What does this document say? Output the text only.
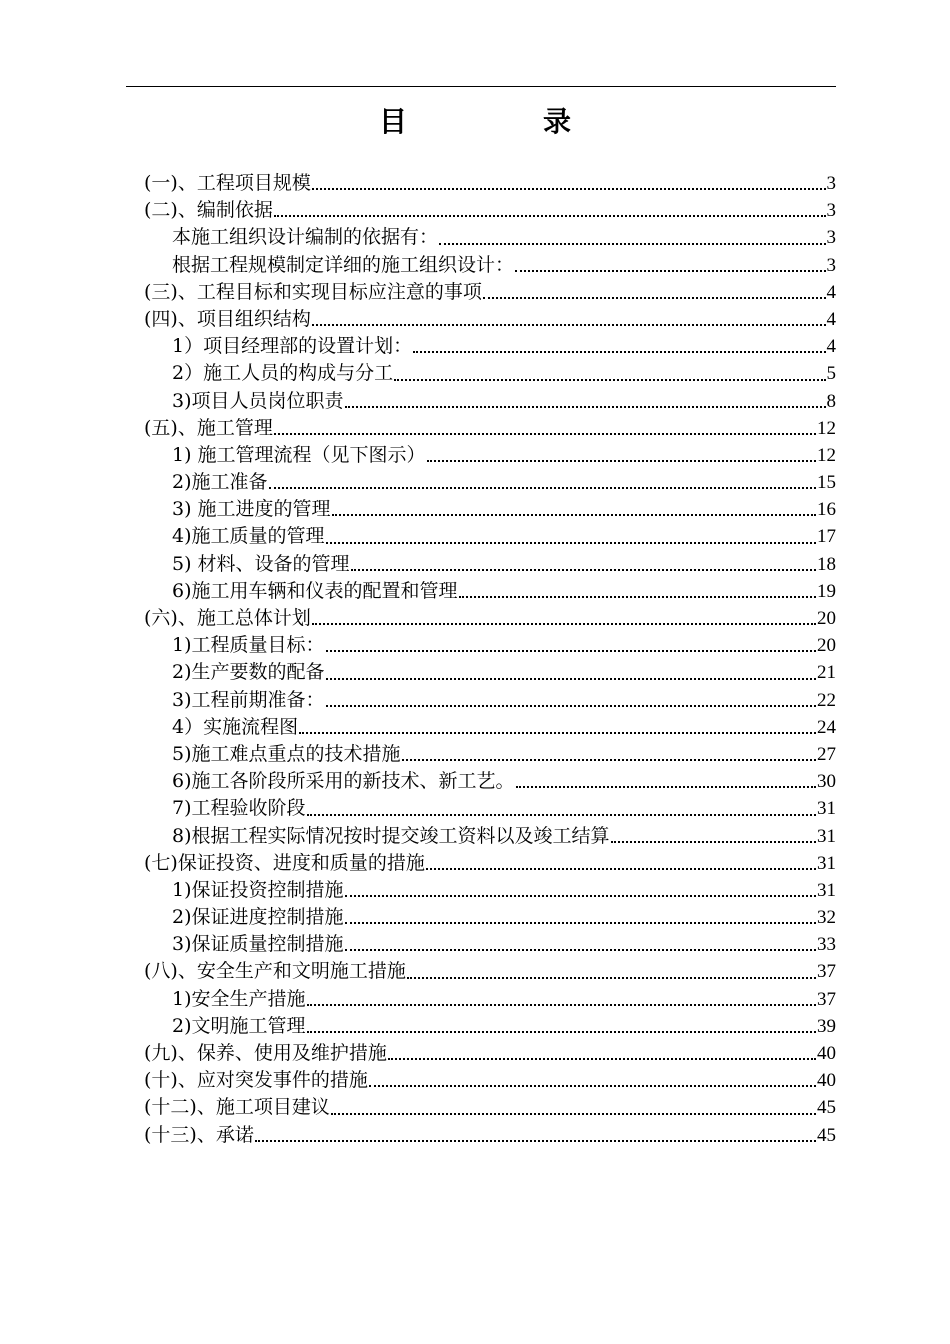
目　录
(一)、工程项目规模	3
(二)、编制依据	3
本施工组织设计编制的依据有：	3
根据工程规模制定详细的施工组织设计：	3
(三)、工程目标和实现目标应注意的事项	4
(四)、项目组织结构	4
1）项目经理部的设置计划：	4
2）施工人员的构成与分工	5
3)项目人员岗位职责	8
(五)、施工管理	12
1) 施工管理流程（见下图示）	12
2)施工准备	15
3) 施工进度的管理	16
4)施工质量的管理	17
5) 材料、设备的管理	18
6)施工用车辆和仪表的配置和管理	19
(六)、施工总体计划	20
1)工程质量目标：	20
2)生产要数的配备	21
3)工程前期准备：	22
4）实施流程图	24
5)施工难点重点的技术措施	27
6)施工各阶段所采用的新技术、新工艺。	30
7)工程验收阶段	31
8)根据工程实际情况按时提交竣工资料以及竣工结算	31
(七)保证投资、进度和质量的措施	31
1)保证投资控制措施	31
2)保证进度控制措施	32
3)保证质量控制措施	33
(八)、安全生产和文明施工措施	37
1)安全生产措施	37
2)文明施工管理	39
(九)、保养、使用及维护措施	40
(十)、应对突发事件的措施	40
(十二)、施工项目建议	45
(十三)、承诺	45
